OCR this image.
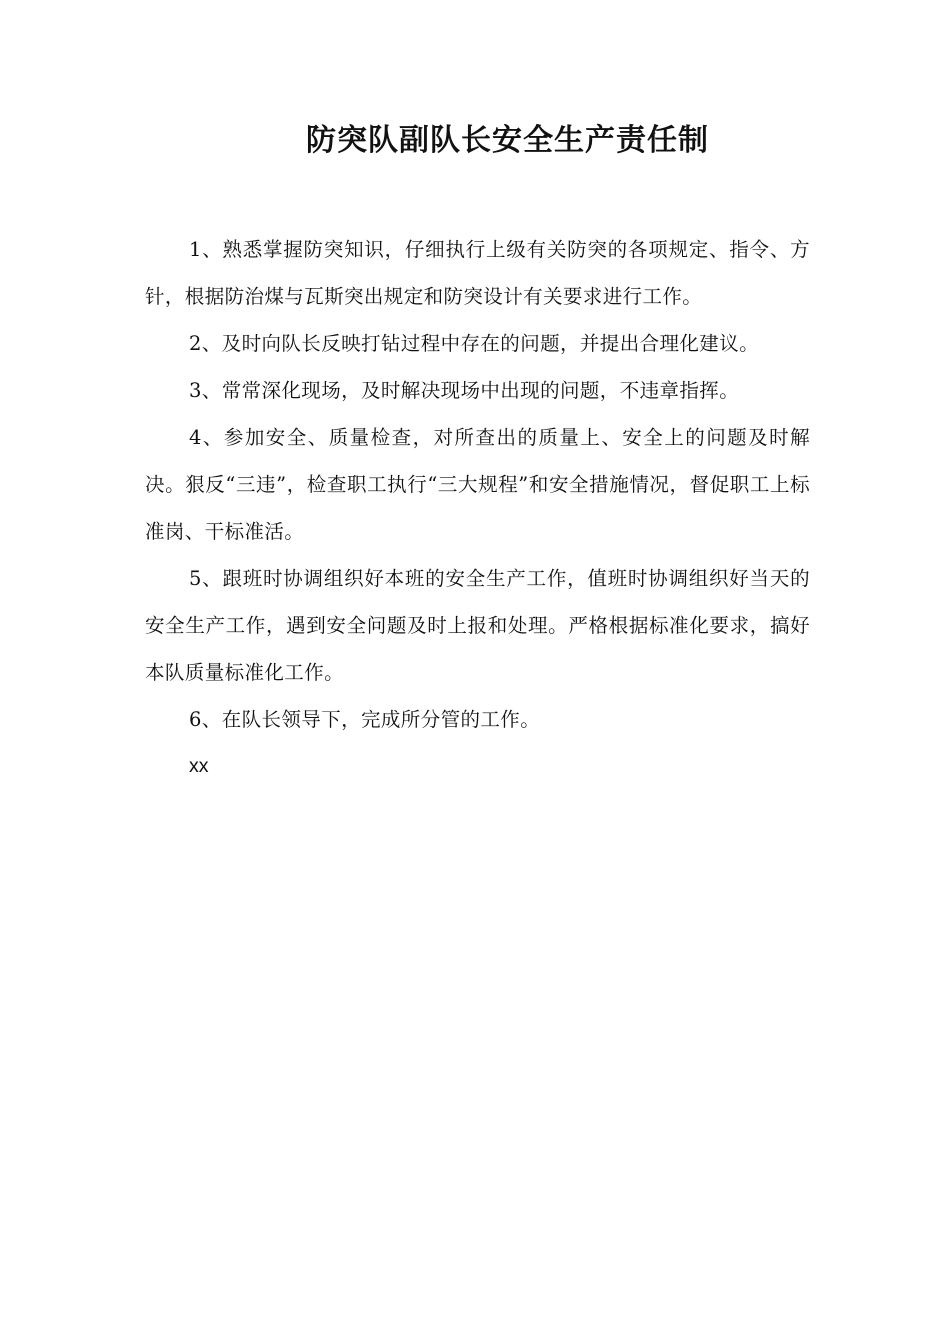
防突队副队长安全生产责任制

1、熟悉掌握防突知识，仔细执行上级有关防突的各项规定、指令、方针，根据防治煤与瓦斯突出规定和防突设计有关要求进行工作。

2、及时向队长反映打钻过程中存在的问题，并提出合理化建议。

3、常常深化现场，及时解决现场中出现的问题，不违章指挥。

4、参加安全、质量检查，对所查出的质量上、安全上的问题及时解决。狠反“三违”，检查职工执行“三大规程”和安全措施情况，督促职工上标准岗、干标准活。

5、跟班时协调组织好本班的安全生产工作，值班时协调组织好当天的安全生产工作，遇到安全问题及时上报和处理。严格根据标准化要求，搞好本队质量标准化工作。

6、在队长领导下，完成所分管的工作。

xx
